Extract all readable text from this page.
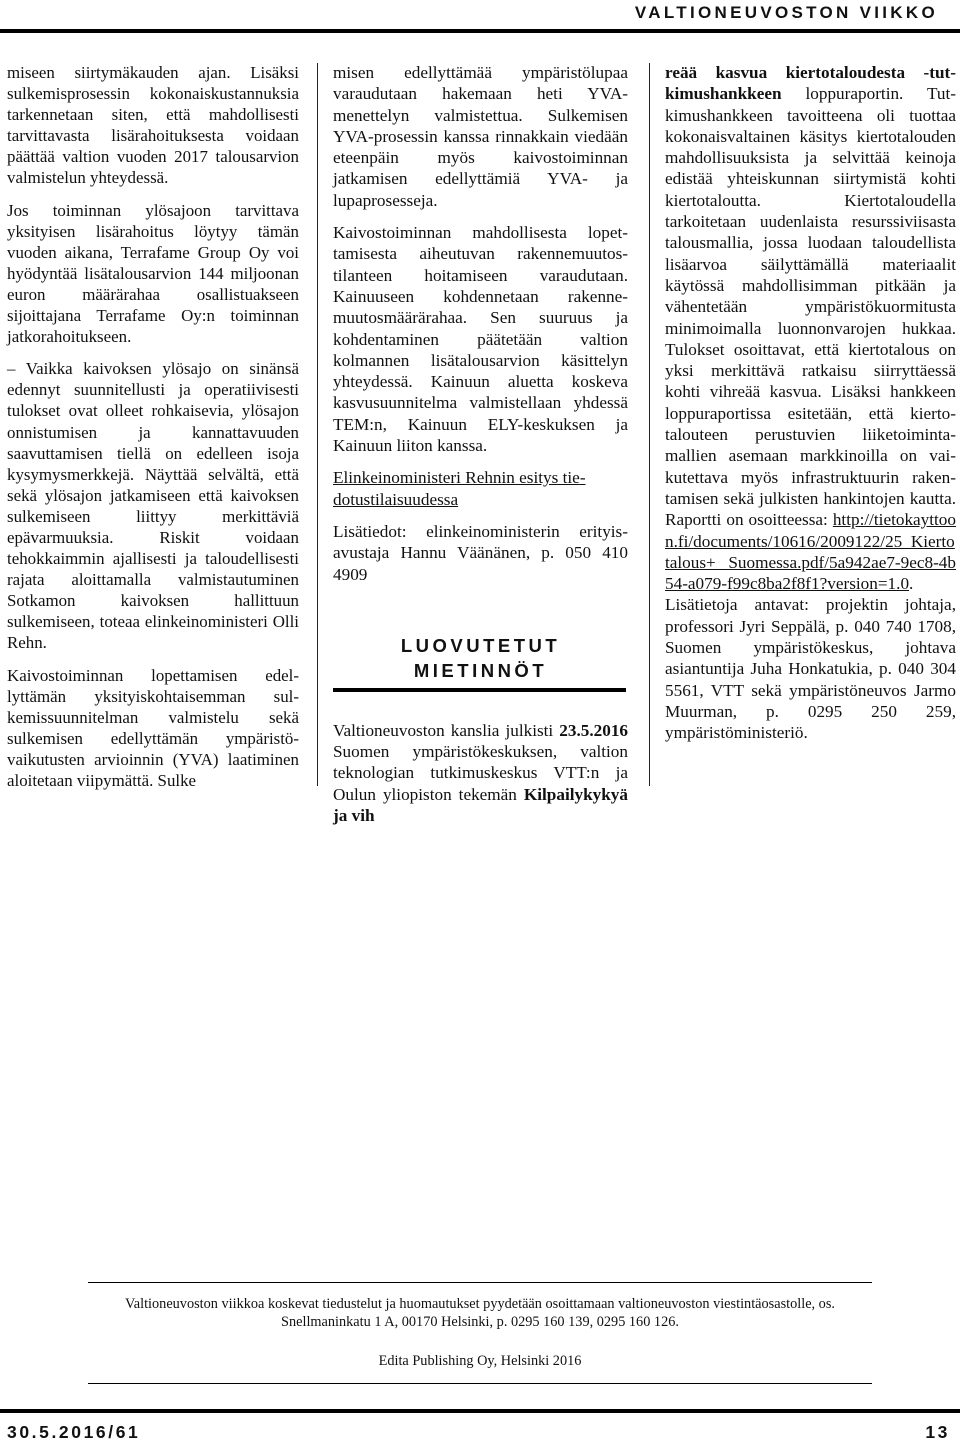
VALTIONEUVOSTON VIIKKO

miseen siirtymäkauden ajan. Lisäksi sulkemisprosessin kokonaiskustannuksia tarkennetaan siten, että mahdollisesti tarvittavasta lisärahoituksesta voidaan päättää valtion vuoden 2017 talousarvion valmistelun yhteydessä.

Jos toiminnan ylösajoon tarvittava yksityisen lisärahoitus löytyy tämän vuoden aikana, Terrafame Group Oy voi hyödyntää lisätalousarvion 144 miljoonan euron määrärahaa osallistuakseen sijoittajana Terrafame Oy:n toiminnan jatkorahoitukseen.

– Vaikka kaivoksen ylösajo on sinänsä edennyt suunnitellusti ja operatiivisesti tulokset ovat olleet rohkaisevia, ylösajon onnistumisen ja kannattavuuden saavuttamisen tiellä on edelleen isoja kysymysmerkkejä. Näyttää selvältä, että sekä ylösajon jatkamiseen että kaivoksen sulkemiseen liittyy merkittäviä epävarmuuksia. Riskit voidaan tehokkaimmin ajallisesti ja taloudellisesti rajata aloittamalla valmistautuminen Sotkamon kaivoksen hallittuun sulkemiseen, toteaa elinkeinoministeri Olli Rehn.

Kaivostoiminnan lopettamisen edellyttämän yksityiskohtaisemman sulkemissuunnitelman valmistelu sekä sulkemisen edellyttämän ympäristövaikutusten arvioinnin (YVA) laatiminen aloitetaan viipymättä. Sulke

misen edellyttämää ympäristölupaa varaudutaan hakemaan heti YVA-menettelyn valmistettua. Sulkemisen YVA-prosessin kanssa rinnakkain viedään eteenpäin myös kaivostoiminnan jatkamisen edellyttämiä YVA- ja lupaprosesseja.

Kaivostoiminnan mahdollisesta lopettamisesta aiheutuvan rakennemuutostilanteen hoitamiseen varaudutaan. Kainuuseen kohdennetaan rakennemuutosmäärärahaa. Sen suuruus ja kohdentaminen päätetään valtion kolmannen lisätalousarvion käsittelyn yhteydessä. Kainuun aluetta koskeva kasvusuunnitelma valmistellaan yhdessä TEM:n, Kainuun ELY-keskuksen ja Kainuun liiton kanssa.

Elinkeinoministeri Rehnin esitys tiedotustilaisuudessa

Lisätiedot: elinkeinoministerin erityisavustaja Hannu Väänänen, p. 050 410 4909

LUOVUTETUT
MIETINNÖT

Valtioneuvoston kanslia julkisti 23.5.2016 Suomen ympäristökeskuksen, valtion teknologian tutkimuskeskus VTT:n ja Oulun yliopiston tekemän Kilpailykykyä ja vih

reää kasvua kiertotaloudesta -tutkimushankkeen loppuraportin. Tutkimushankkeen tavoitteena oli tuottaa kokonaisvaltainen käsitys kiertotalouden mahdollisuuksista ja selvittää keinoja edistää yhteiskunnan siirtymistä kohti kiertotaloutta. Kiertotaloudella tarkoitetaan uudenlaista resurssiviisasta talousmallia, jossa luodaan taloudellista lisäarvoa säilyttämällä materiaalit käytössä mahdollisimman pitkään ja vähentetään ympäristökuormitusta minimoimalla luonnonvarojen hukkaa. Tulokset osoittavat, että kiertotalous on yksi merkittävä ratkaisu siirryttäessä kohti vihreää kasvua. Lisäksi hankkeen loppuraportissa esitetään, että kiertotalouteen perustuvien liiketoimintamallien asemaan markkinoilla on vaikutettava myös infrastruktuurin rakentamisen sekä julkisten hankintojen kautta. Raportti on osoitteessa: http://tietokayttoon.fi/documents/10616/2009122/25_Kiertotalous+ Suomessa.pdf/5a942ae7-9ec8-4b54-a079-f99c8ba2f8f1?version=1.0.

Lisätietoja antavat: projektin johtaja, professori Jyri Seppälä, p. 040 740 1708, Suomen ympäristökeskus, johtava asiantuntija Juha Honkatukia, p. 040 304 5561, VTT sekä ympäristöneuvos Jarmo Muurman, p. 0295 250 259, ympäristöministeriö.

Valtioneuvoston viikkoa koskevat tiedustelut ja huomautukset pyydetään osoittamaan valtioneuvoston viestintäosastolle, os. Snellmaninkatu 1 A, 00170 Helsinki, p. 0295 160 139, 0295 160 126.
Edita Publishing Oy, Helsinki 2016
30.5.2016/61	13
